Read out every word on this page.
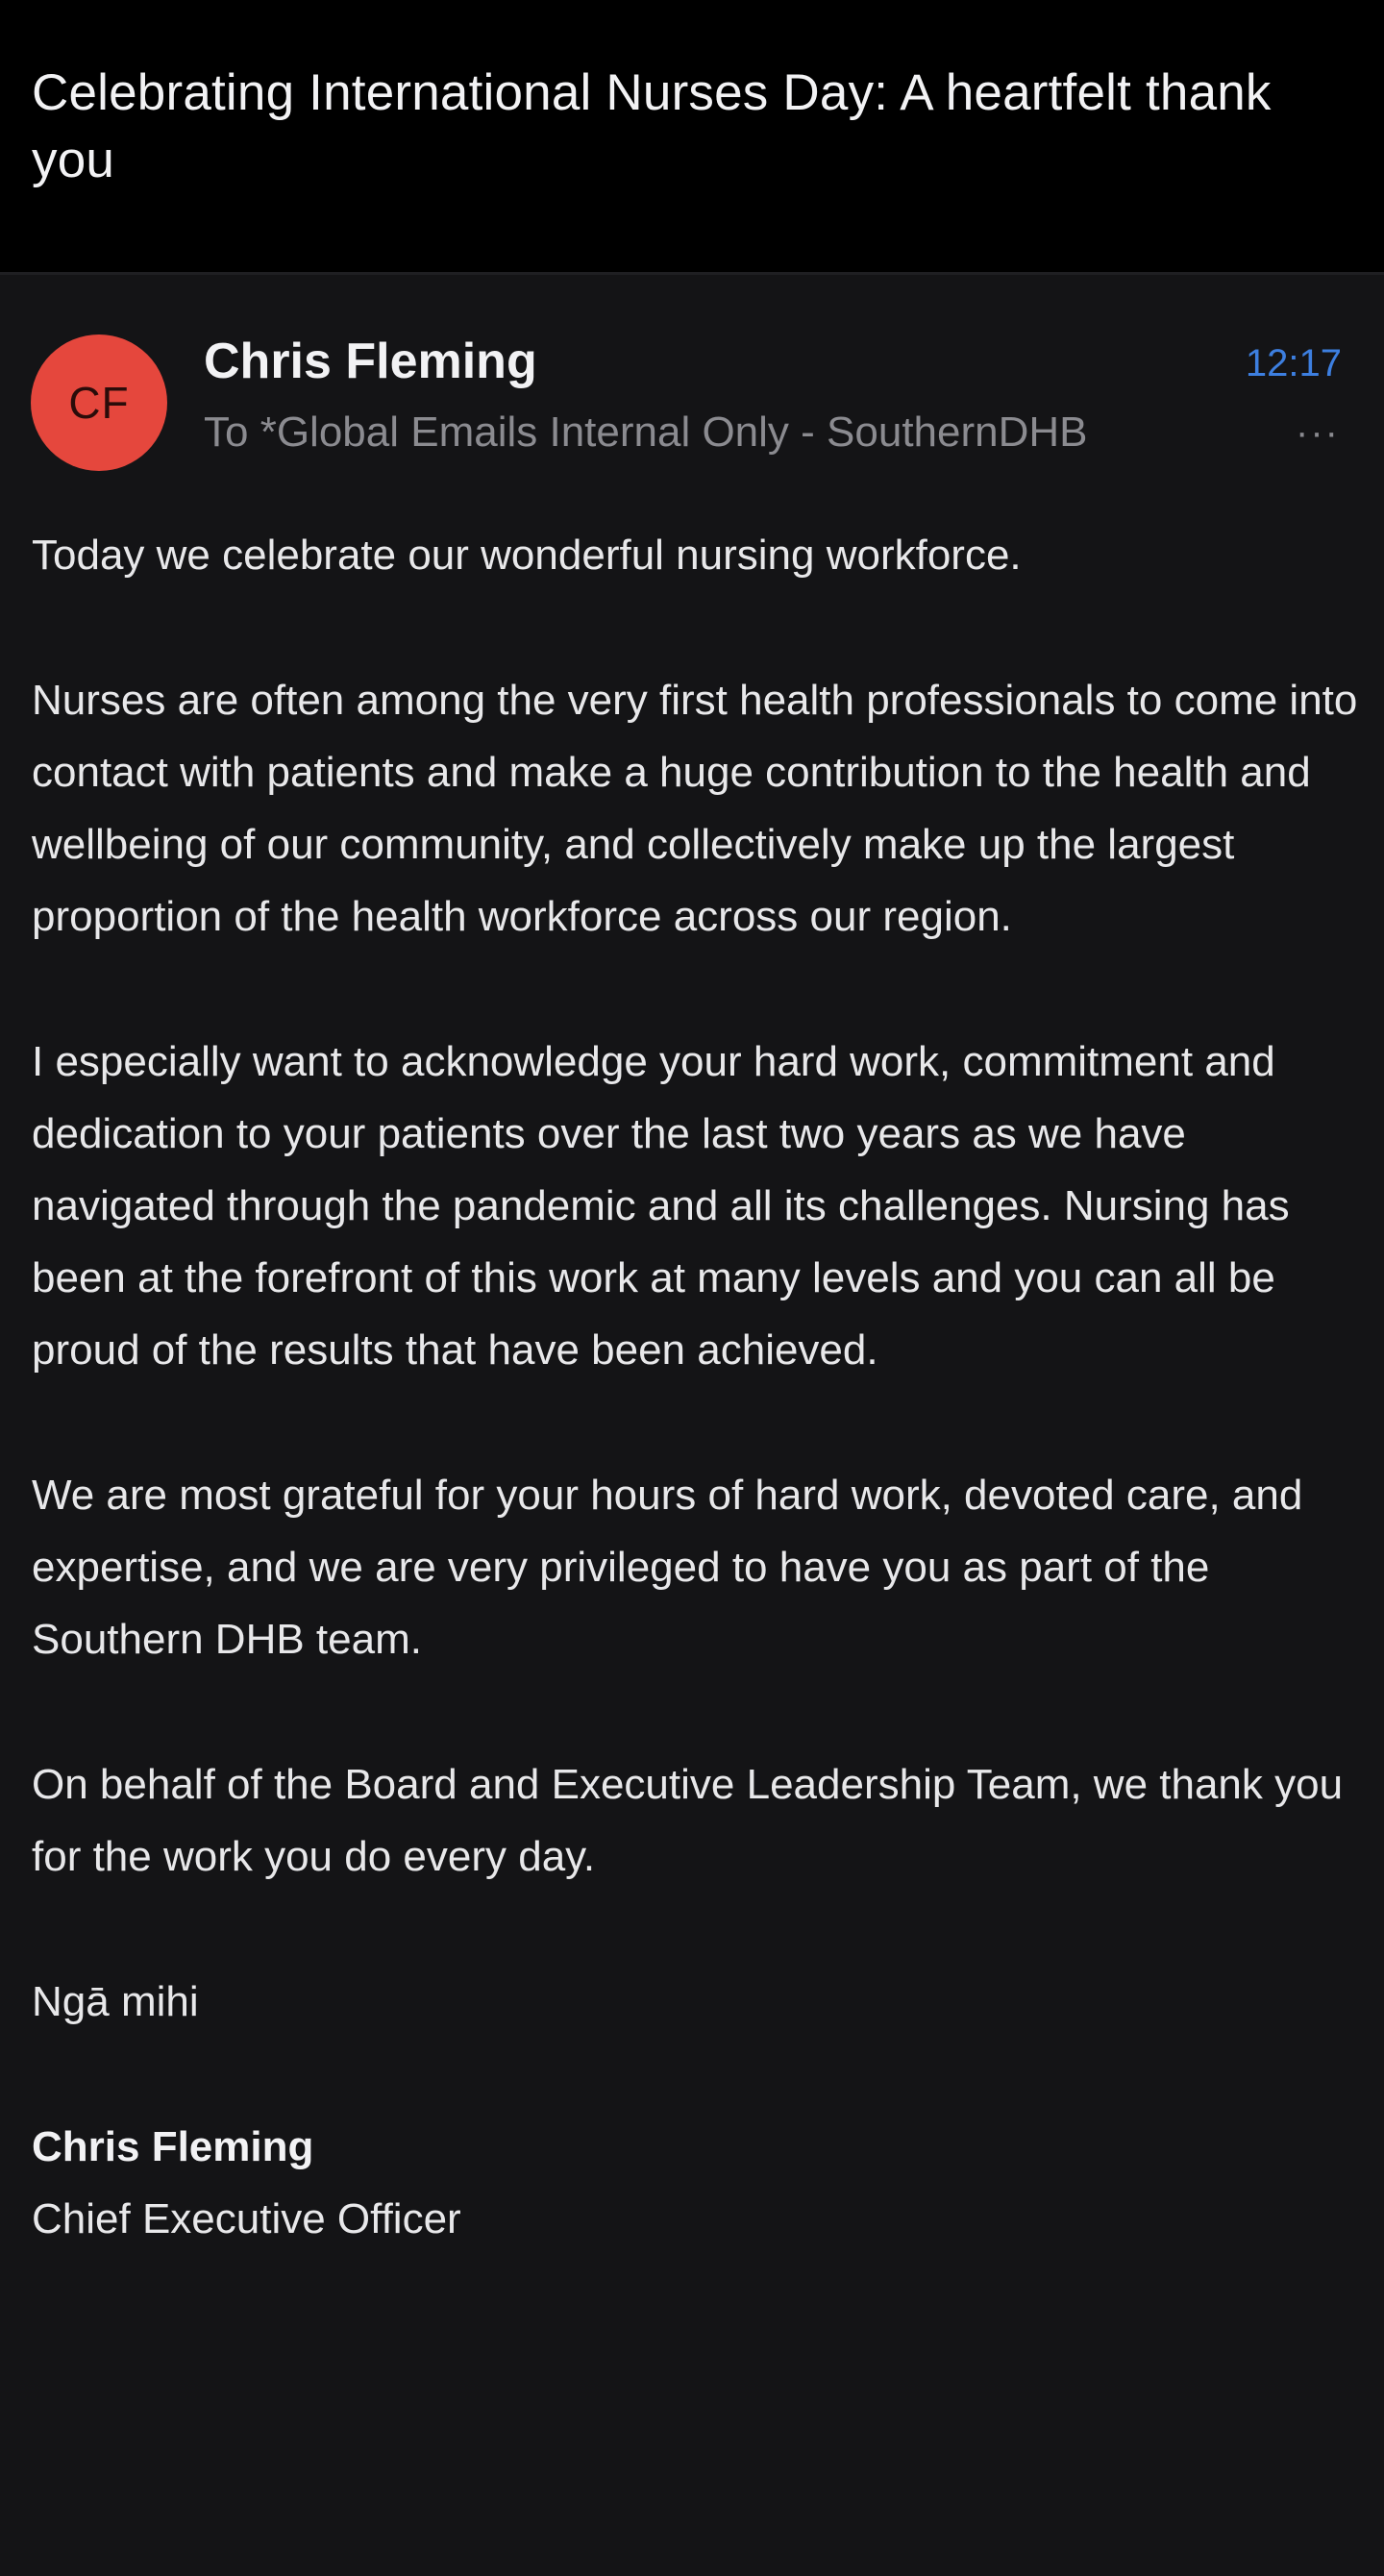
Celebrating International Nurses Day: A heartfelt thank you
CF
Chris Fleming
To *Global Emails Internal Only - SouthernDHB
12:17
···

Today we celebrate our wonderful nursing workforce.

Nurses are often among the very first health professionals to come into contact with patients and make a huge contribution to the health and wellbeing of our community, and collectively make up the largest proportion of the health workforce across our region.

I especially want to acknowledge your hard work, commitment and dedication to your patients over the last two years as we have navigated through the pandemic and all its challenges. Nursing has been at the forefront of this work at many levels and you can all be proud of the results that have been achieved.

We are most grateful for your hours of hard work, devoted care, and expertise, and we are very privileged to have you as part of the Southern DHB team.

On behalf of the Board and Executive Leadership Team, we thank you for the work you do every day.

Ngā mihi

Chris Fleming
Chief Executive Officer
